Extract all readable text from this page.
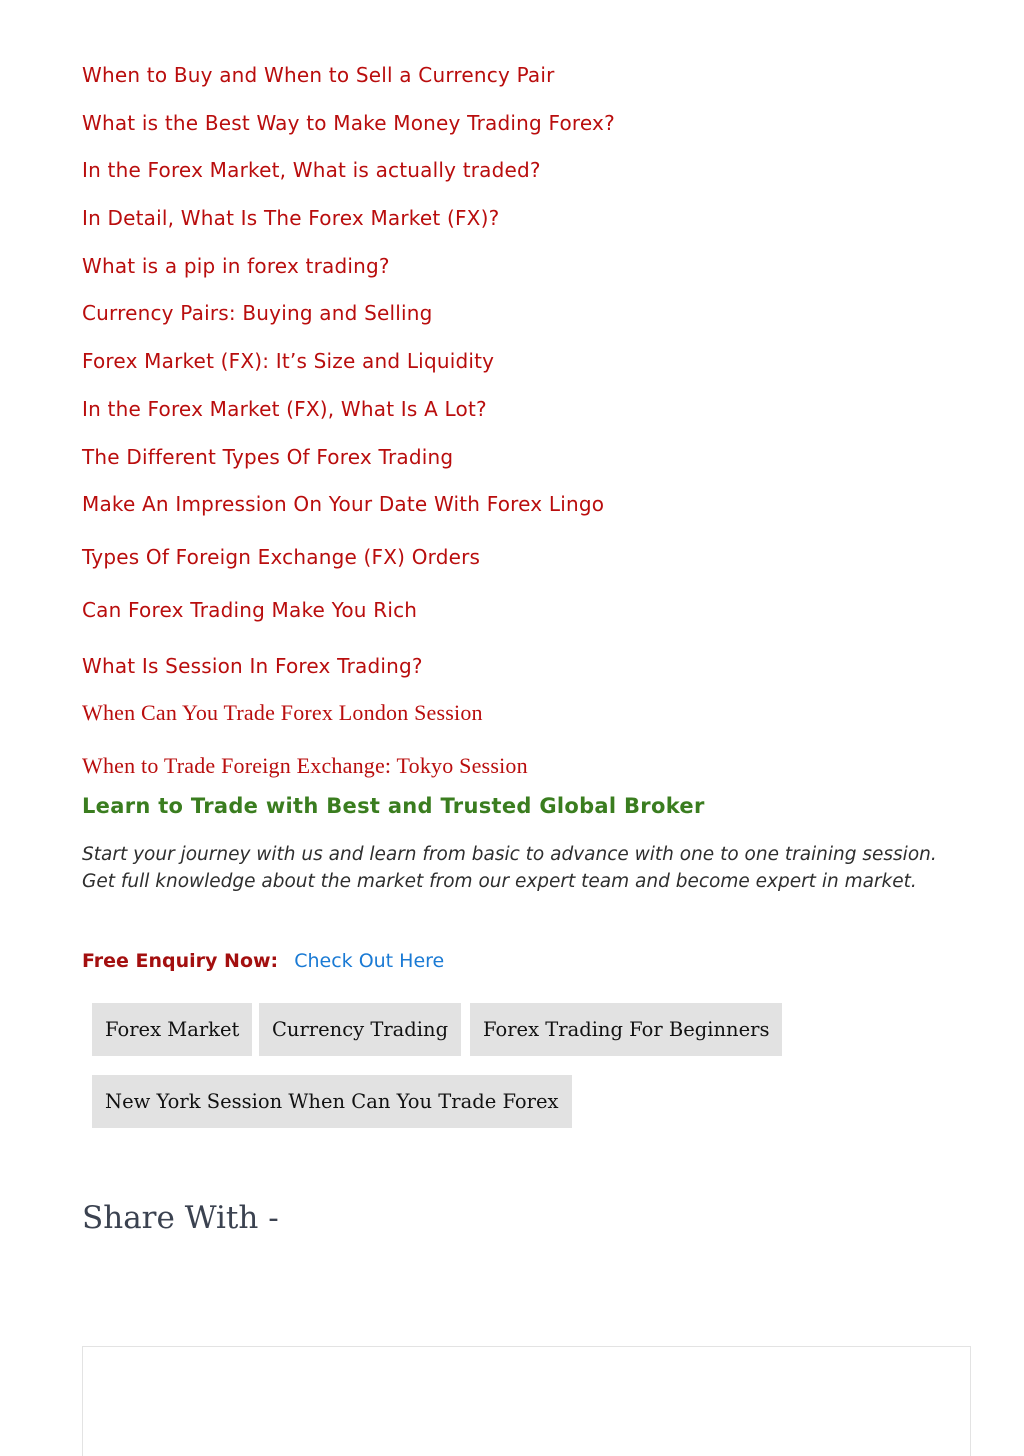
When to Buy and When to Sell a Currency Pair
What is the Best Way to Make Money Trading Forex?
In the Forex Market, What is actually traded?
In Detail, What Is The Forex Market (FX)?
What is a pip in forex trading?
Currency Pairs: Buying and Selling
Forex Market (FX): It’s Size and Liquidity
In the Forex Market (FX), What Is A Lot?
The Different Types Of Forex Trading
Make An Impression On Your Date With Forex Lingo
Types Of Foreign Exchange (FX) Orders
Can Forex Trading Make You Rich
What Is Session In Forex Trading?
When Can You Trade Forex London Session
When to Trade Foreign Exchange: Tokyo Session
Learn to Trade with Best and Trusted Global Broker

Start your journey with us and learn from basic to advance with one to one training session. Get full knowledge about the market from our expert team and become expert in market.

Free Enquiry Now: Check Out Here
Forex Market	Currency Trading	Forex Trading For Beginners
New York Session When Can You Trade Forex
Share With -
